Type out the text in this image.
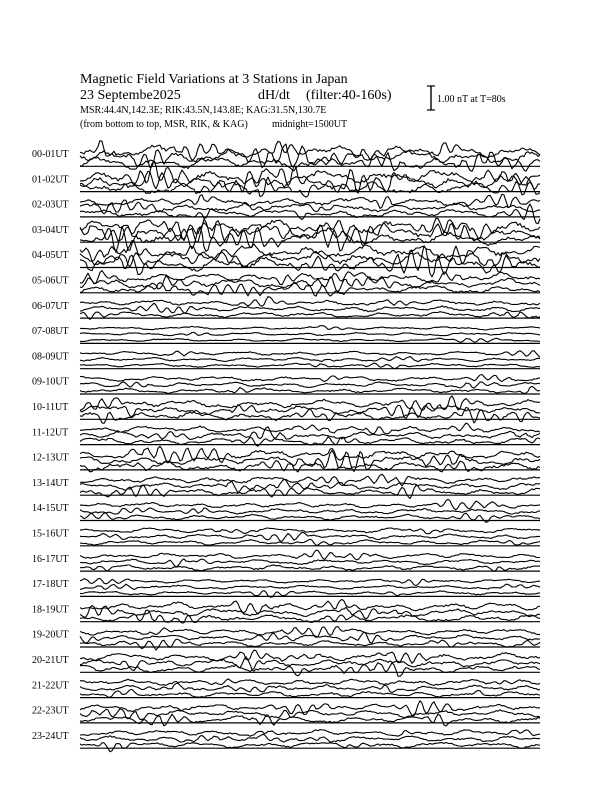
00-01UT
01-02UT
02-03UT
03-04UT
04-05UT
05-06UT
06-07UT
07-08UT
08-09UT
09-10UT
10-11UT
11-12UT
12-13UT
13-14UT
14-15UT
15-16UT
16-17UT
17-18UT
18-19UT
19-20UT
20-21UT
21-22UT
22-23UT
23-24UT
Magnetic Field Variations at 3 Stations in Japan
23 Septembe2025	dH/dt (filter:40-160s)
MSR:44.4N,142.3E; RIK:43.5N,143.8E; KAG:31.5N,130.7E
(from bottom to top, MSR, RIK, & KAG) midnight=1500UT
1.00 nT at T=80s
